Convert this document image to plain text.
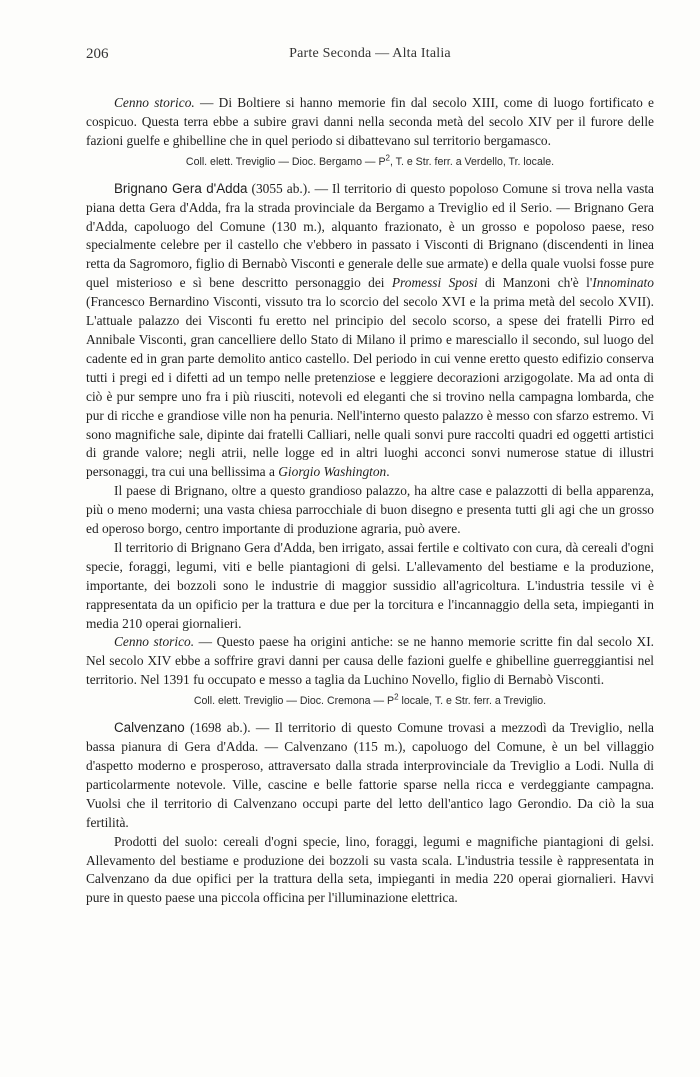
206	Parte Seconda — Alta Italia

Cenno storico. — Di Boltiere si hanno memorie fin dal secolo XIII, come di luogo fortificato e cospicuo. Questa terra ebbe a subire gravi danni nella seconda metà del secolo XIV per il furore delle fazioni guelfe e ghibelline che in quel periodo si dibattevano sul territorio bergamasco.

Coll. elett. Treviglio — Dioc. Bergamo — $P^2$, T. e Str. ferr. a Verdello, Tr. locale.

Brignano Gera d'Adda (3055 ab.). — Il territorio di questo popoloso Comune si trova nella vasta piana detta Gera d'Adda, fra la strada provinciale da Bergamo a Treviglio ed il Serio. — Brignano Gera d'Adda, capoluogo del Comune (130 m.), alquanto frazionato, è un grosso e popoloso paese, reso specialmente celebre per il castello che v'ebbero in passato i Visconti di Brignano (discendenti in linea retta da Sagromoro, figlio di Bernabò Visconti e generale delle sue armate) e della quale vuolsi fosse pure quel misterioso e sì bene descritto personaggio dei Promessi Sposi di Manzoni ch'è l'Innominato (Francesco Bernardino Visconti, vissuto tra lo scorcio del secolo XVI e la prima metà del secolo XVII). L'attuale palazzo dei Visconti fu eretto nel principio del secolo scorso, a spese dei fratelli Pirro ed Annibale Visconti, gran cancelliere dello Stato di Milano il primo e maresciallo il secondo, sul luogo del cadente ed in gran parte demolito antico castello. Del periodo in cui venne eretto questo edifizio conserva tutti i pregi ed i difetti ad un tempo nelle pretenziose e leggiere decorazioni arzigogolate. Ma ad onta di ciò è pur sempre uno fra i più riusciti, notevoli ed eleganti che si trovino nella campagna lombarda, che pur di ricche e grandiose ville non ha penuria. Nell'interno questo palazzo è messo con sfarzo estremo. Vi sono magnifiche sale, dipinte dai fratelli Calliari, nelle quali sonvi pure raccolti quadri ed oggetti artistici di grande valore; negli atrii, nelle logge ed in altri luoghi acconci sonvi numerose statue di illustri personaggi, tra cui una bellissima a Giorgio Washington.

Il paese di Brignano, oltre a questo grandioso palazzo, ha altre case e palazzotti di bella apparenza, più o meno moderni; una vasta chiesa parrocchiale di buon disegno e presenta tutti gli agi che un grosso ed operoso borgo, centro importante di produzione agraria, può avere.

Il territorio di Brignano Gera d'Adda, ben irrigato, assai fertile e coltivato con cura, dà cereali d'ogni specie, foraggi, legumi, viti e belle piantagioni di gelsi. L'allevamento del bestiame e la produzione, importante, dei bozzoli sono le industrie di maggior sussidio all'agricoltura. L'industria tessile vi è rappresentata da un opificio per la trattura e due per la torcitura e l'incannaggio della seta, impieganti in media 210 operai giornalieri.

Cenno storico. — Questo paese ha origini antiche: se ne hanno memorie scritte fin dal secolo XI. Nel secolo XIV ebbe a soffrire gravi danni per causa delle fazioni guelfe e ghibelline guerreggiantisi nel territorio. Nel 1391 fu occupato e messo a taglia da Luchino Novello, figlio di Bernabò Visconti.

Coll. elett. Treviglio — Dioc. Cremona — $P^2$ locale, T. e Str. ferr. a Treviglio.

Calvenzano (1698 ab.). — Il territorio di questo Comune trovasi a mezzodì da Treviglio, nella bassa pianura di Gera d'Adda. — Calvenzano (115 m.), capoluogo del Comune, è un bel villaggio d'aspetto moderno e prosperoso, attraversato dalla strada interprovinciale da Treviglio a Lodi. Nulla di particolarmente notevole. Ville, cascine e belle fattorie sparse nella ricca e verdeggiante campagna. Vuolsi che il territorio di Calvenzano occupi parte del letto dell'antico lago Gerondio. Da ciò la sua fertilità.

Prodotti del suolo: cereali d'ogni specie, lino, foraggi, legumi e magnifiche piantagioni di gelsi. Allevamento del bestiame e produzione dei bozzoli su vasta scala. L'industria tessile è rappresentata in Calvenzano da due opifici per la trattura della seta, impieganti in media 220 operai giornalieri. Havvi pure in questo paese una piccola officina per l'illuminazione elettrica.
